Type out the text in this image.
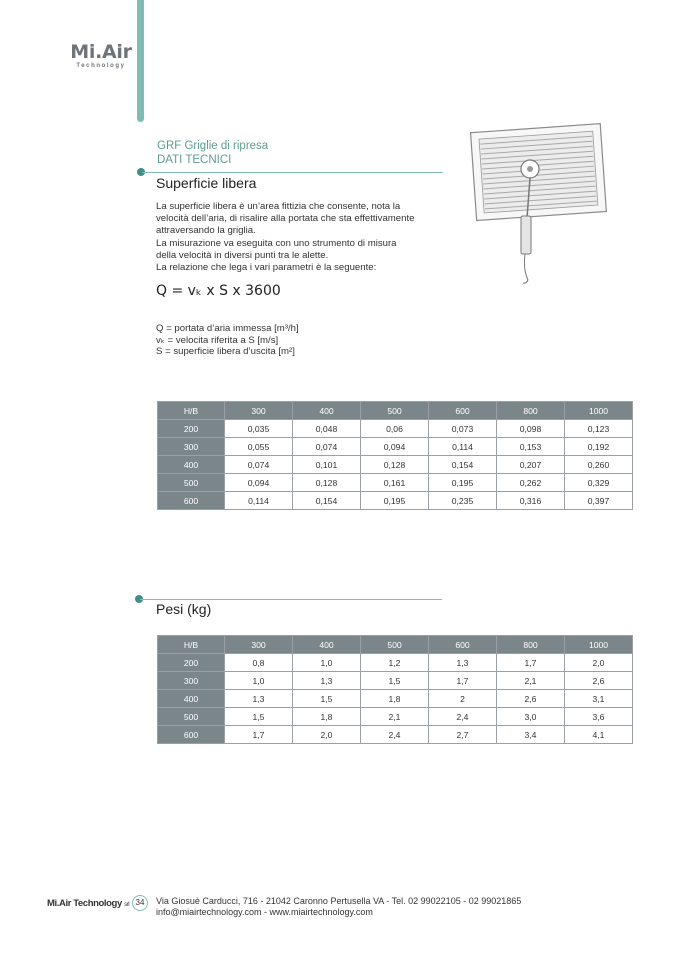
Mi.Air
Technology
GRF Griglie di ripresa
DATI TECNICI
Superficie libera

La superficie libera è un’area fittizia che consente, nota la

velocità dell’aria, di risalire alla portata che sta effettivamente

attraversando la griglia.

La misurazione va eseguita con uno strumento di misura

della velocità in diversi punti tra le alette.

La relazione che lega i vari parametri è la seguente:

Q = vₖ x S x 3600
Q = portata d’aria immessa [m³/h]
vₖ = velocita riferita a S [m/s]
S = superficie libera d’uscita [m²]
H/B	300	400	500	600	800	1000
200	0,035	0,048	0,06	0,073	0,098	0,123
300	0,055	0,074	0,094	0,114	0,153	0,192
400	0,074	0,101	0,128	0,154	0,207	0,260
500	0,094	0,128	0,161	0,195	0,262	0,329
600	0,114	0,154	0,195	0,235	0,316	0,397
Pesi (kg)
H/B	300	400	500	600	800	1000
200	0,8	1,0	1,2	1,3	1,7	2,0
300	1,0	1,3	1,5	1,7	2,1	2,6
400	1,3	1,5	1,8	2	2,6	3,1
500	1,5	1,8	2,1	2,4	3,0	3,6
600	1,7	2,0	2,4	2,7	3,4	4,1
Mi.Air Technology srl 34	Via Giosuè Carducci, 716 - 21042 Caronno Pertusella VA - Tel. 02 99022105 - 02 99021865
info@miairtechnology.com - www.miairtechnology.com
